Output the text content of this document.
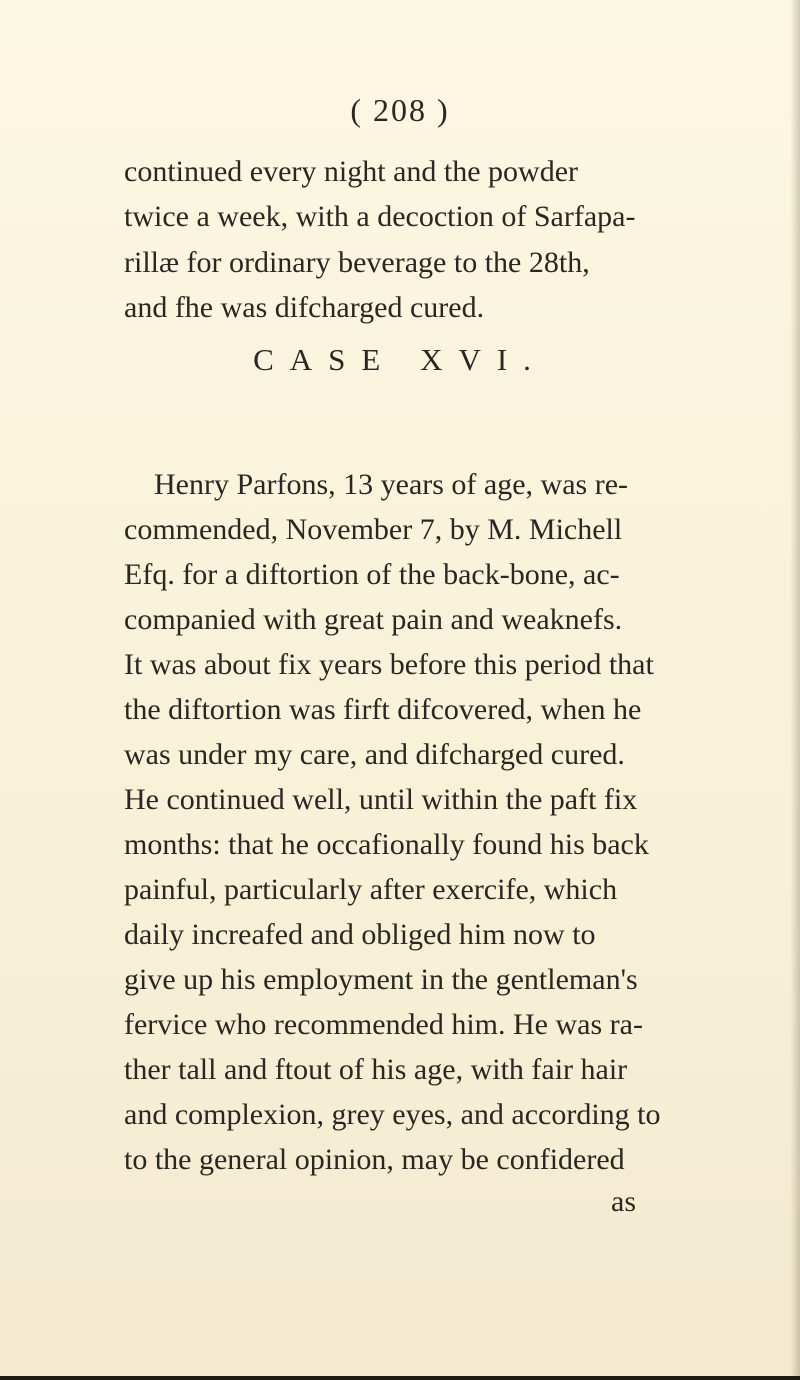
( 208 )
continued every night and the powder
twice a week, with a decoction of Sarfapa-
rillæ for ordinary beverage to the 28th,
and fhe was difcharged cured.
CASE XVI.
Henry Parfons, 13 years of age, was re-
commended, November 7, by M. Michell
Efq. for a diftortion of the back-bone, ac-
companied with great pain and weaknefs.
It was about fix years before this period that
the diftortion was firft difcovered, when he
was under my care, and difcharged cured.
He continued well, until within the paft fix
months: that he occafionally found his back
painful, particularly after exercife, which
daily increafed and obliged him now to
give up his employment in the gentleman's
fervice who recommended him. He was ra-
ther tall and ftout of his age, with fair hair
and complexion, grey eyes, and according to
to the general opinion, may be confidered
as
